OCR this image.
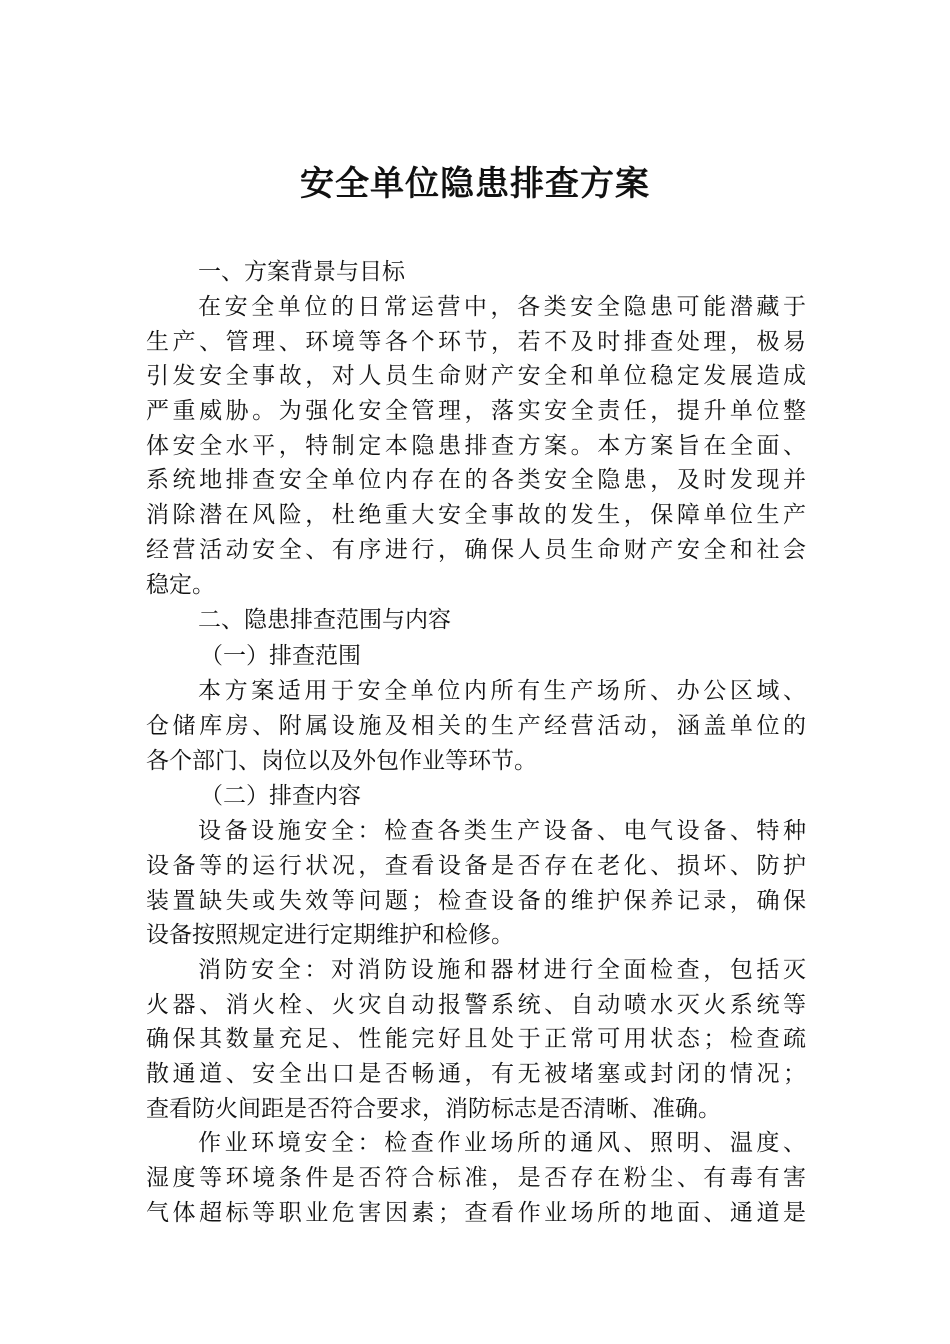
安全单位隐患排查方案
一、方案背景与目标
在安全单位的日常运营中，各类安全隐患可能潜藏于
生产、管理、环境等各个环节，若不及时排查处理，极易
引发安全事故，对人员生命财产安全和单位稳定发展造成
严重威胁。为强化安全管理，落实安全责任，提升单位整
体安全水平，特制定本隐患排查方案。本方案旨在全面、
系统地排查安全单位内存在的各类安全隐患，及时发现并
消除潜在风险，杜绝重大安全事故的发生，保障单位生产
经营活动安全、有序进行，确保人员生命财产安全和社会
稳定。
二、隐患排查范围与内容
（一）排查范围
本方案适用于安全单位内所有生产场所、办公区域、
仓储库房、附属设施及相关的生产经营活动，涵盖单位的
各个部门、岗位以及外包作业等环节。
（二）排查内容
设备设施安全：检查各类生产设备、电气设备、特种
设备等的运行状况，查看设备是否存在老化、损坏、防护
装置缺失或失效等问题；检查设备的维护保养记录，确保
设备按照规定进行定期维护和检修。
消防安全：对消防设施和器材进行全面检查，包括灭
火器、消火栓、火灾自动报警系统、自动喷水灭火系统等
确保其数量充足、性能完好且处于正常可用状态；检查疏
散通道、安全出口是否畅通，有无被堵塞或封闭的情况；
查看防火间距是否符合要求，消防标志是否清晰、准确。
作业环境安全：检查作业场所的通风、照明、温度、
湿度等环境条件是否符合标准，是否存在粉尘、有毒有害
气体超标等职业危害因素；查看作业场所的地面、通道是
